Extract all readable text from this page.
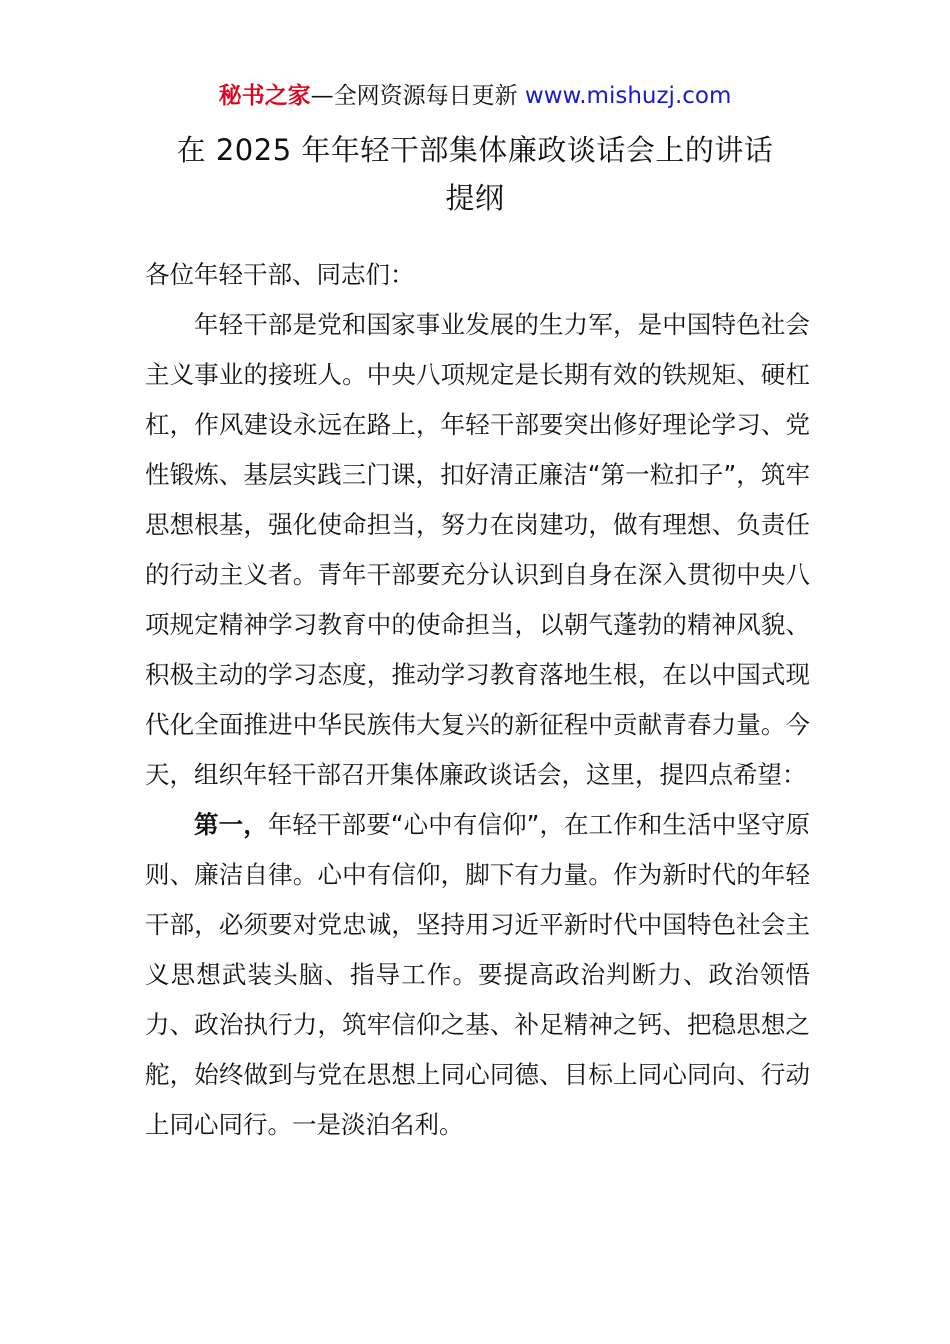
秘书之家—全网资源每日更新 www.mishuzj.com
在 2025 年年轻干部集体廉政谈话会上的讲话
提纲

各位年轻干部、同志们：

年轻干部是党和国家事业发展的生力军，是中国特色社会主义事业的接班人。中央八项规定是长期有效的铁规矩、硬杠杠，作风建设永远在路上，年轻干部要突出修好理论学习、党性锻炼、基层实践三门课，扣好清正廉洁“第一粒扣子”，筑牢思想根基，强化使命担当，努力在岗建功，做有理想、负责任的行动主义者。青年干部要充分认识到自身在深入贯彻中央八项规定精神学习教育中的使命担当，以朝气蓬勃的精神风貌、积极主动的学习态度，推动学习教育落地生根，在以中国式现代化全面推进中华民族伟大复兴的新征程中贡献青春力量。今天，组织年轻干部召开集体廉政谈话会，这里，提四点希望：

第一，年轻干部要“心中有信仰”，在工作和生活中坚守原则、廉洁自律。心中有信仰，脚下有力量。作为新时代的年轻干部，必须要对党忠诚，坚持用习近平新时代中国特色社会主义思想武装头脑、指导工作。要提高政治判断力、政治领悟力、政治执行力，筑牢信仰之基、补足精神之钙、把稳思想之舵，始终做到与党在思想上同心同德、目标上同心同向、行动上同心同行。一是淡泊名利。
